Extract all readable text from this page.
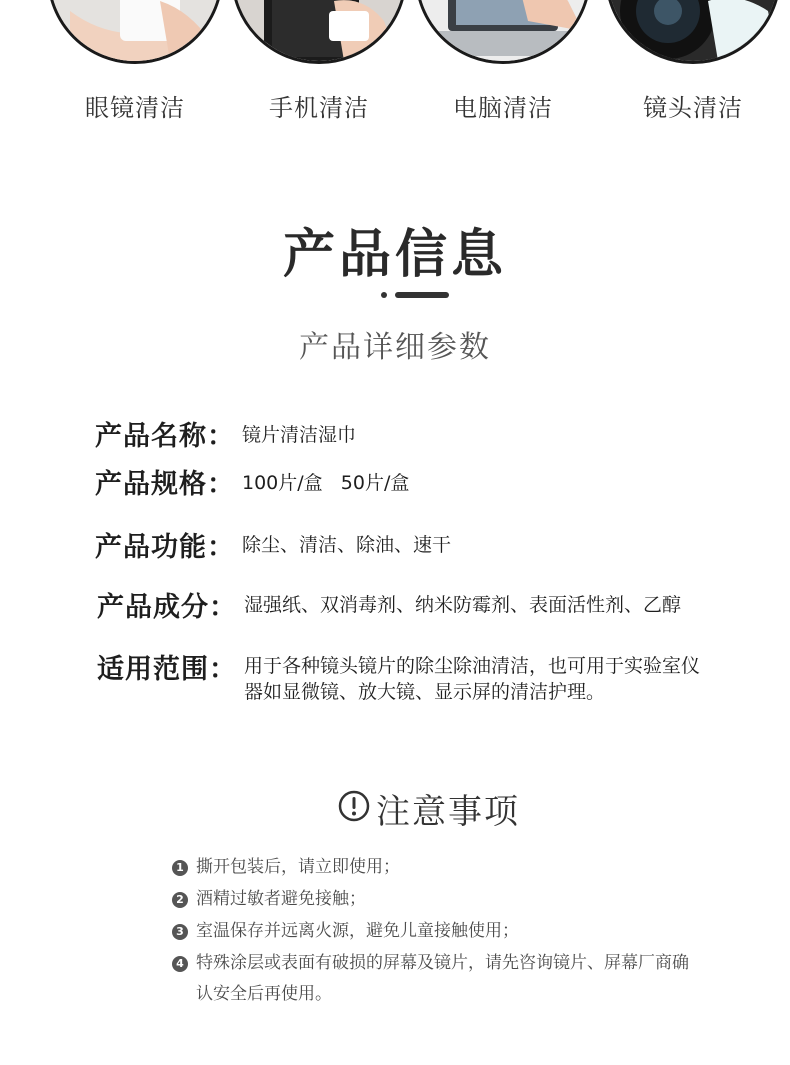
眼镜清洁	手机清洁	电脑清洁	镜头清洁
产品信息
产品详细参数
产品名称： 镜片清洁湿巾
产品规格： 100片/盒   50片/盒
产品功能： 除尘、清洁、除油、速干
产品成分： 湿强纸、双消毒剂、纳米防霉剂、表面活性剂、乙醇
适用范围： 用于各种镜头镜片的除尘除油清洁，也可用于实验室仪器如显微镜、放大镜、显示屏的清洁护理。
注意事项
1 撕开包装后，请立即使用；
2 酒精过敏者避免接触；
3 室温保存并远离火源，避免儿童接触使用；
4 特殊涂层或表面有破损的屏幕及镜片，请先咨询镜片、屏幕厂商确认安全后再使用。
